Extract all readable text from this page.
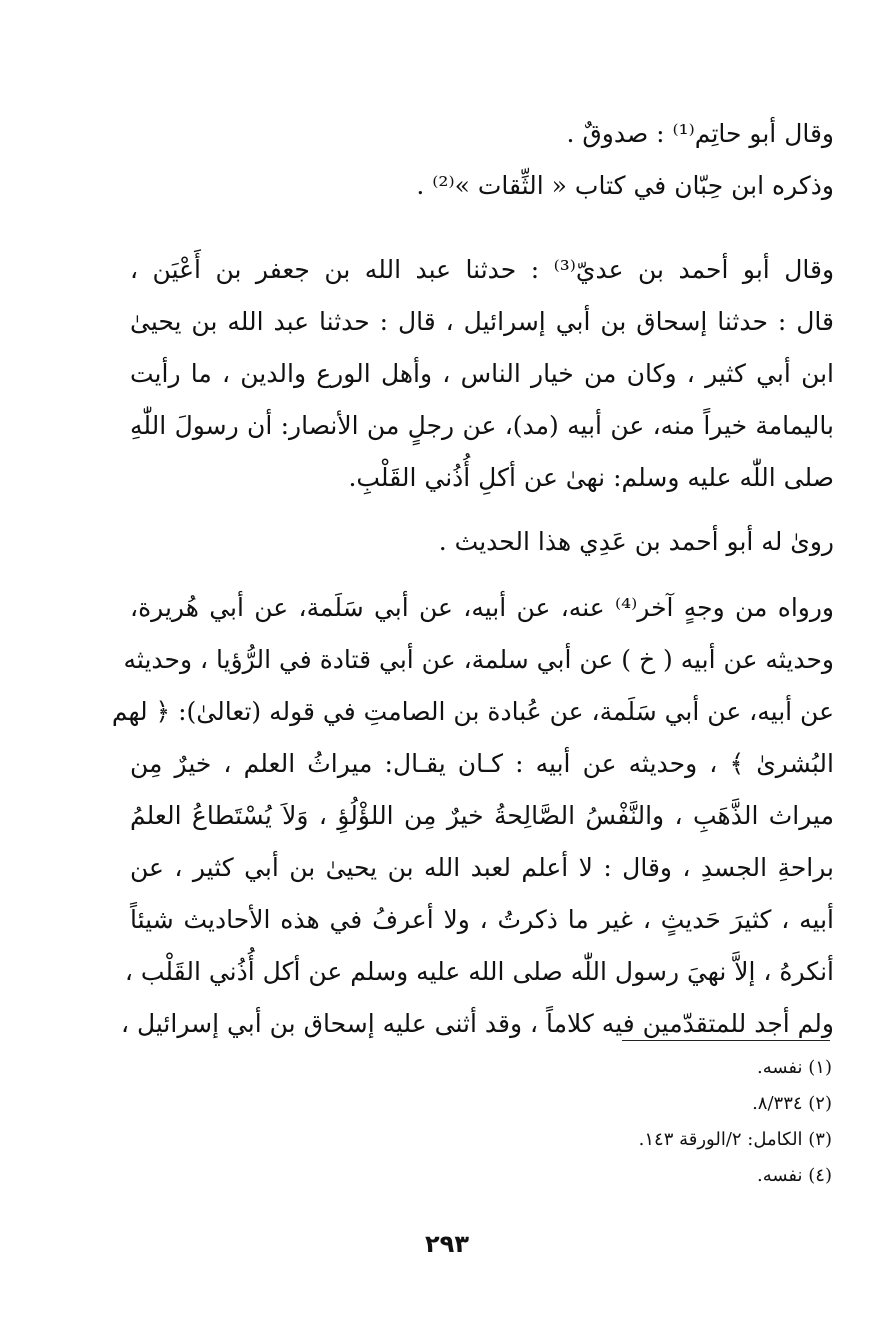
وقال أبو حاتِم⁽¹⁾ : صدوقٌ .
وذكره ابن حِبّان في كتاب « الثِّقات »⁽²⁾ .
وقال أبو أحمد بن عديّ⁽³⁾ : حدثنا عبد الله بن جعفر بن أَعْيَن ،
قال : حدثنا إسحاق بن أبي إسرائيل ، قال : حدثنا عبد الله بن يحيىٰ
ابن أبي كثير ، وكان من خيار الناس ، وأهل الورع والدين ، ما رأيت
باليمامة خيراً منه، عن أبيه (مد)، عن رجلٍ من الأنصار: أن رسولَ اللّٰهِ
صلى اللّٰه عليه وسلم: نهىٰ عن أكلِ أُذُني القَلْبِ.
روىٰ له أبو أحمد بن عَدِي هذا الحديث .
ورواه من وجهٍ آخر⁽⁴⁾ عنه، عن أبيه، عن أبي سَلَمة، عن أبي هُريرة،
وحديثه عن أبيه ( خ ) عن أبي سلمة، عن أبي قتادة في الرُّؤيا ، وحديثه
عن أبيه، عن أبي سَلَمة، عن عُبادة بن الصامتِ في قوله (تعالىٰ): ﴿ لهم
البُشرىٰ ﴾ ، وحديثه عن أبيه : كـان يقـال: ميراثُ العلم ، خيرٌ مِن
ميراث الذَّهَبِ ، والنَّفْسُ الصَّالِحةُ خيرٌ مِن اللؤْلُؤِ ، وَلاَ يُسْتَطاعُ العلمُ
براحةِ الجسدِ ، وقال : لا أعلم لعبد الله بن يحيىٰ بن أبي كثير ، عن
أبيه ، كثيرَ حَديثٍ ، غير ما ذكرتُ ، ولا أعرفُ في هذه الأحاديث شيئاً
أنكرهُ ، إلاَّ نهيَ رسول اللّٰه صلى الله عليه وسلم عن أكل أُذُني القَلْب ،
ولم أجد للمتقدّمين فيه كلاماً ، وقد أثنى عليه إسحاق بن أبي إسرائيل ،
(١) نفسه.
(٢) ٨/٣٣٤.
(٣) الكامل: ٢/الورقة ١٤٣.
(٤) نفسه.
٢٩٣
